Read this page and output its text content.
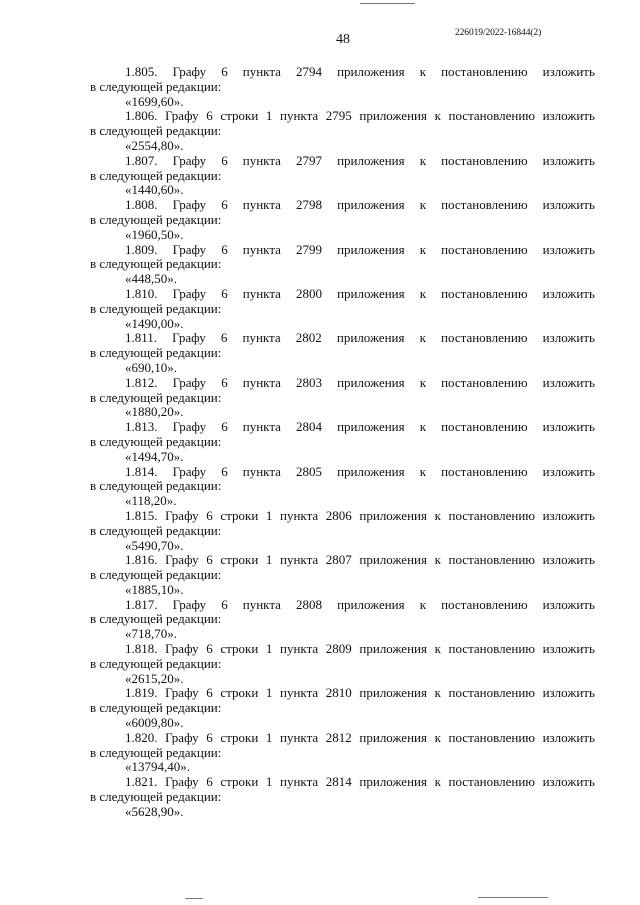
226019/2022-16844(2)
48
1.805. Графу 6 пункта 2794 приложения к постановлению изложить
в следующей редакции:
«1699,60».
1.806. Графу 6 строки 1 пункта 2795 приложения к постановлению изложить
в следующей редакции:
«2554,80».
1.807. Графу 6 пункта 2797 приложения к постановлению изложить
в следующей редакции:
«1440,60».
1.808. Графу 6 пункта 2798 приложения к постановлению изложить
в следующей редакции:
«1960,50».
1.809. Графу 6 пункта 2799 приложения к постановлению изложить
в следующей редакции:
«448,50».
1.810. Графу 6 пункта 2800 приложения к постановлению изложить
в следующей редакции:
«1490,00».
1.811. Графу 6 пункта 2802 приложения к постановлению изложить
в следующей редакции:
«690,10».
1.812. Графу 6 пункта 2803 приложения к постановлению изложить
в следующей редакции:
«1880,20».
1.813. Графу 6 пункта 2804 приложения к постановлению изложить
в следующей редакции:
«1494,70».
1.814. Графу 6 пункта 2805 приложения к постановлению изложить
в следующей редакции:
«118,20».
1.815. Графу 6 строки 1 пункта 2806 приложения к постановлению изложить
в следующей редакции:
«5490,70».
1.816. Графу 6 строки 1 пункта 2807 приложения к постановлению изложить
в следующей редакции:
«1885,10».
1.817. Графу 6 пункта 2808 приложения к постановлению изложить
в следующей редакции:
«718,70».
1.818. Графу 6 строки 1 пункта 2809 приложения к постановлению изложить
в следующей редакции:
«2615,20».
1.819. Графу 6 строки 1 пункта 2810 приложения к постановлению изложить
в следующей редакции:
«6009,80».
1.820. Графу 6 строки 1 пункта 2812 приложения к постановлению изложить
в следующей редакции:
«13794,40».
1.821. Графу 6 строки 1 пункта 2814 приложения к постановлению изложить
в следующей редакции:
«5628,90».
